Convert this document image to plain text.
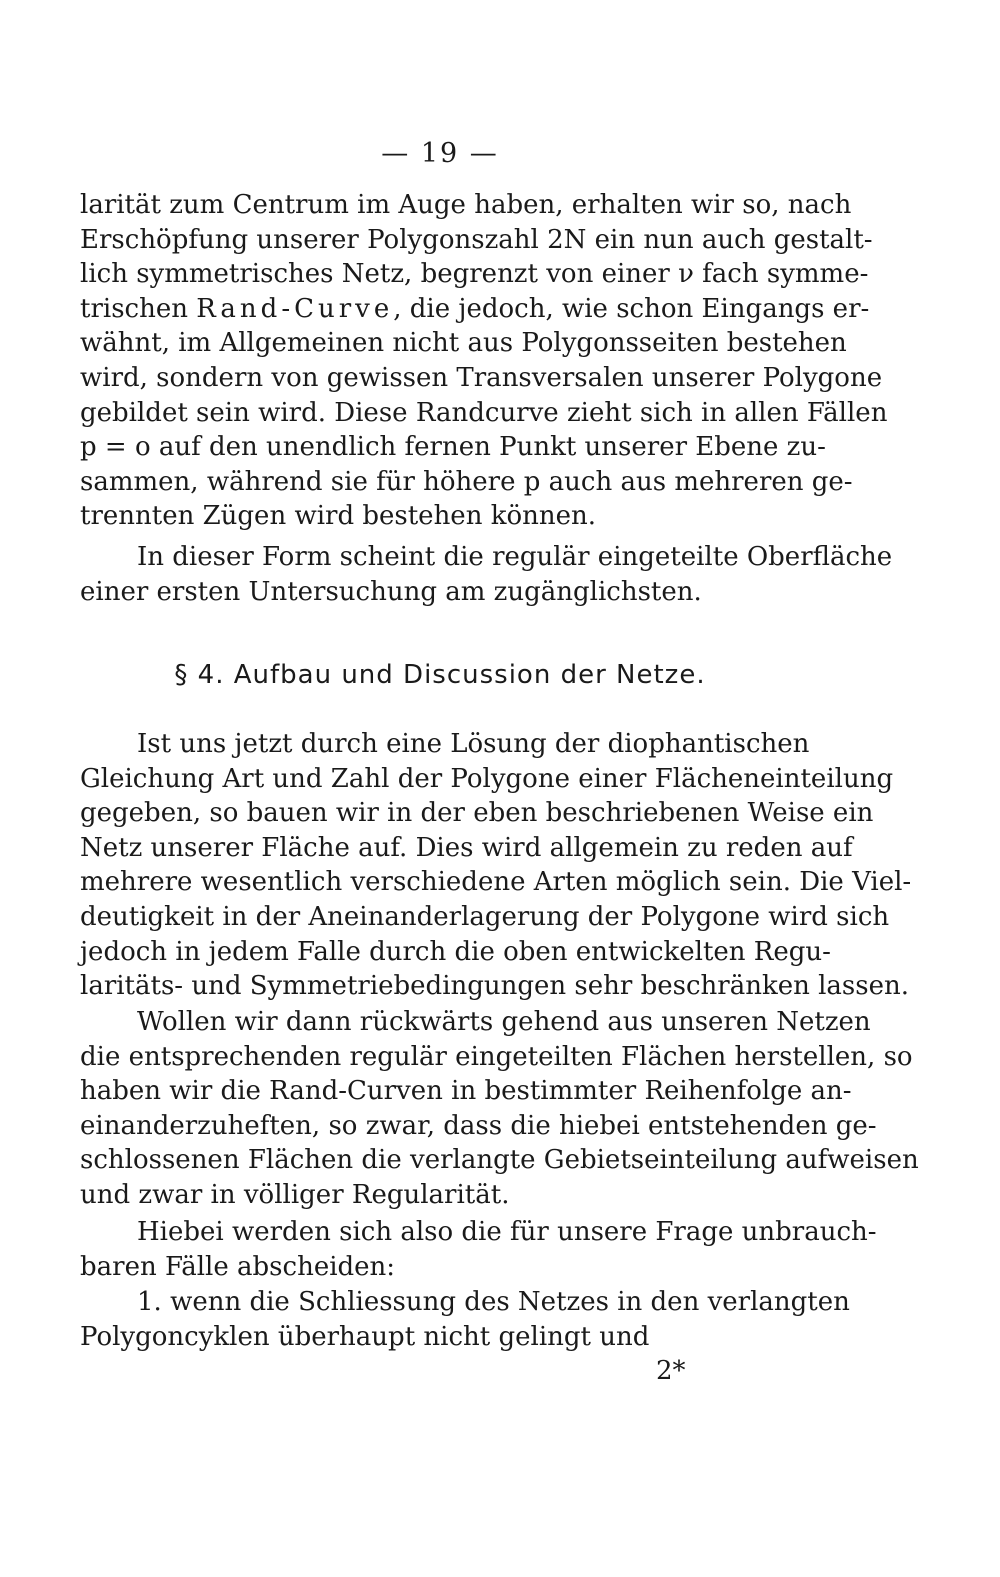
— 19 —
larität zum Centrum im Auge haben, erhalten wir so, nach
Erschöpfung unserer Polygonszahl 2N ein nun auch gestalt-
lich symmetrisches Netz, begrenzt von einer ν fach symme-
trischen Rand-Curve, die jedoch, wie schon Eingangs er-
wähnt, im Allgemeinen nicht aus Polygonsseiten bestehen
wird, sondern von gewissen Transversalen unserer Polygone
gebildet sein wird. Diese Randcurve zieht sich in allen Fällen
p = o auf den unendlich fernen Punkt unserer Ebene zu-
sammen, während sie für höhere p auch aus mehreren ge-
trennten Zügen wird bestehen können.
In dieser Form scheint die regulär eingeteilte Oberfläche
einer ersten Untersuchung am zugänglichsten.
§ 4. Aufbau und Discussion der Netze.
Ist uns jetzt durch eine Lösung der diophantischen
Gleichung Art und Zahl der Polygone einer Flächeneinteilung
gegeben, so bauen wir in der eben beschriebenen Weise ein
Netz unserer Fläche auf. Dies wird allgemein zu reden auf
mehrere wesentlich verschiedene Arten möglich sein. Die Viel-
deutigkeit in der Aneinanderlagerung der Polygone wird sich
jedoch in jedem Falle durch die oben entwickelten Regu-
laritäts- und Symmetriebedingungen sehr beschränken lassen.
Wollen wir dann rückwärts gehend aus unseren Netzen
die entsprechenden regulär eingeteilten Flächen herstellen, so
haben wir die Rand-Curven in bestimmter Reihenfolge an-
einanderzuheften, so zwar, dass die hiebei entstehenden ge-
schlossenen Flächen die verlangte Gebietseinteilung aufweisen
und zwar in völliger Regularität.
Hiebei werden sich also die für unsere Frage unbrauch-
baren Fälle abscheiden:
1. wenn die Schliessung des Netzes in den verlangten
Polygoncyklen überhaupt nicht gelingt und
2*
